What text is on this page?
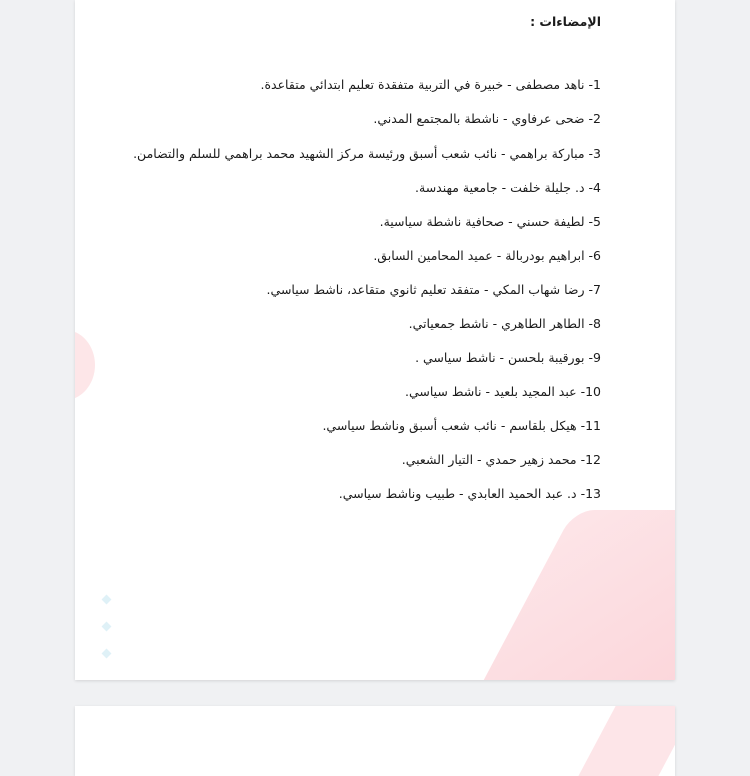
الإمضاءات :
1- ناهد مصطفى - خبيرة في التربية متفقدة تعليم ابتدائي متقاعدة.
2- ضحى عرفاوي - ناشطة بالمجتمع المدني.
3- مباركة براهمي - نائب شعب أسبق ورئيسة مركز الشهيد محمد براهمي للسلم والتضامن.
4- د. جليلة خلفت - جامعية مهندسة.
5- لطيفة حسني - صحافية ناشطة سياسية.
6- ابراهيم بودربالة - عميد المحامين السابق.
7- رضا شهاب المكي - متفقد تعليم ثانوي متقاعد، ناشط سياسي.
8- الطاهر الطاهري - ناشط جمعياتي.
9- بورقيبة بلحسن - ناشط سياسي .
10- عبد المجيد بلعيد - ناشط سياسي.
11- هيكل بلقاسم - نائب شعب أسبق وناشط سياسي.
12- محمد زهير حمدي - التيار الشعبي.
13- د. عبد الحميد العابدي - طبيب وناشط سياسي.
